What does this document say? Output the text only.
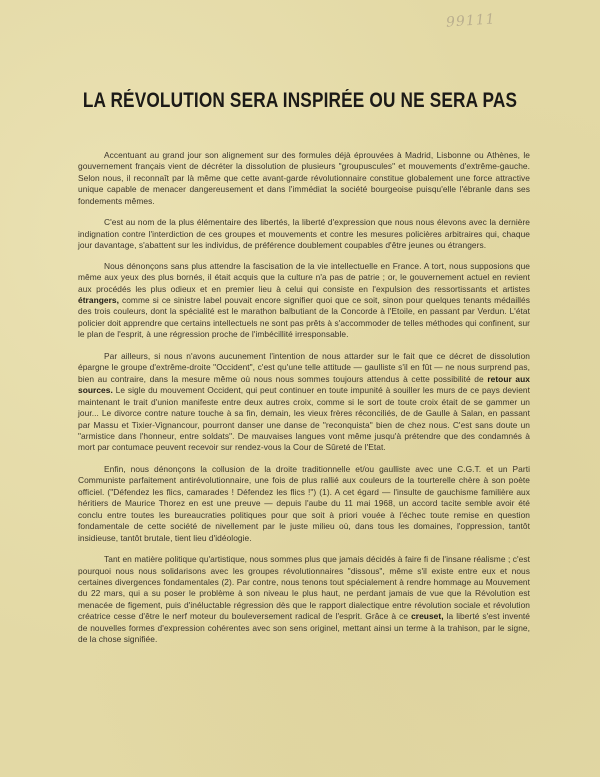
99111
LA RÉVOLUTION SERA INSPIRÉE OU NE SERA PAS

Accentuant au grand jour son alignement sur des formules déjà éprouvées à Madrid, Lisbonne ou Athènes, le gouvernement français vient de décréter la dissolution de plusieurs "groupuscules" et mouvements d'extrême-gauche. Selon nous, il reconnaît par là même que cette avant-garde révolutionnaire constitue globalement une force attractive unique capable de menacer dangereusement et dans l'immédiat la société bourgeoise puisqu'elle l'ébranle dans ses fondements mêmes.

C'est au nom de la plus élémentaire des libertés, la liberté d'expression que nous nous élevons avec la dernière indignation contre l'interdiction de ces groupes et mouvements et contre les mesures policières arbitraires qui, chaque jour davantage, s'abattent sur les individus, de préférence doublement coupables d'être jeunes ou étrangers.

Nous dénonçons sans plus attendre la fascisation de la vie intellectuelle en France. A tort, nous supposions que même aux yeux des plus bornés, il était acquis que la culture n'a pas de patrie ; or, le gouvernement actuel en revient aux procédés les plus odieux et en premier lieu à celui qui consiste en l'expulsion des ressortissants et artistes étrangers, comme si ce sinistre label pouvait encore signifier quoi que ce soit, sinon pour quelques tenants médaillés des trois couleurs, dont la spécialité est le marathon balbutiant de la Concorde à l'Etoile, en passant par Verdun. L'état policier doit apprendre que certains intellectuels ne sont pas prêts à s'accommoder de telles méthodes qui confinent, sur le plan de l'esprit, à une régression proche de l'imbécillité irresponsable.

Par ailleurs, si nous n'avons aucunement l'intention de nous attarder sur le fait que ce décret de dissolution épargne le groupe d'extrême-droite "Occident", c'est qu'une telle attitude — gaulliste s'il en fût — ne nous surprend pas, bien au contraire, dans la mesure même où nous nous sommes toujours attendus à cette possibilité de retour aux sources. Le sigle du mouvement Occident, qui peut continuer en toute impunité à souiller les murs de ce pays devient maintenant le trait d'union manifeste entre deux autres croix, comme si le sort de toute croix était de se gammer un jour... Le divorce contre nature touche à sa fin, demain, les vieux frères réconciliés, de de Gaulle à Salan, en passant par Massu et Tixier-Vignancour, pourront danser une danse de "reconquista" bien de chez nous. C'est sans doute un "armistice dans l'honneur, entre soldats". De mauvaises langues vont même jusqu'à prétendre que des condamnés à mort par contumace peuvent recevoir sur rendez-vous la Cour de Sûreté de l'Etat.

Enfin, nous dénonçons la collusion de la droite traditionnelle et/ou gaulliste avec une C.G.T. et un Parti Communiste parfaitement antirévolutionnaire, une fois de plus rallié aux couleurs de la tourterelle chère à son poète officiel. ("Défendez les flics, camarades ! Défendez les flics !") (1). A cet égard — l'insulte de gauchisme familière aux héritiers de Maurice Thorez en est une preuve — depuis l'aube du 11 mai 1968, un accord tacite semble avoir été conclu entre toutes les bureaucraties politiques pour que soit à priori vouée à l'échec toute remise en question fondamentale de cette société de nivellement par le juste milieu où, dans tous les domaines, l'oppression, tantôt insidieuse, tantôt brutale, tient lieu d'idéologie.

Tant en matière politique qu'artistique, nous sommes plus que jamais décidés à faire fi de l'insane réalisme ; c'est pourquoi nous nous solidarisons avec les groupes révolutionnaires "dissous", même s'il existe entre eux et nous certaines divergences fondamentales (2). Par contre, nous tenons tout spécialement à rendre hommage au Mouvement du 22 mars, qui a su poser le problème à son niveau le plus haut, ne perdant jamais de vue que la Révolution est menacée de figement, puis d'inéluctable régression dès que le rapport dialectique entre révolution sociale et révolution créatrice cesse d'être le nerf moteur du bouleversement radical de l'esprit. Grâce à ce creuset, la liberté s'est inventé de nouvelles formes d'expression cohérentes avec son sens originel, mettant ainsi un terme à la trahison, par le signe, de la chose signifiée.
